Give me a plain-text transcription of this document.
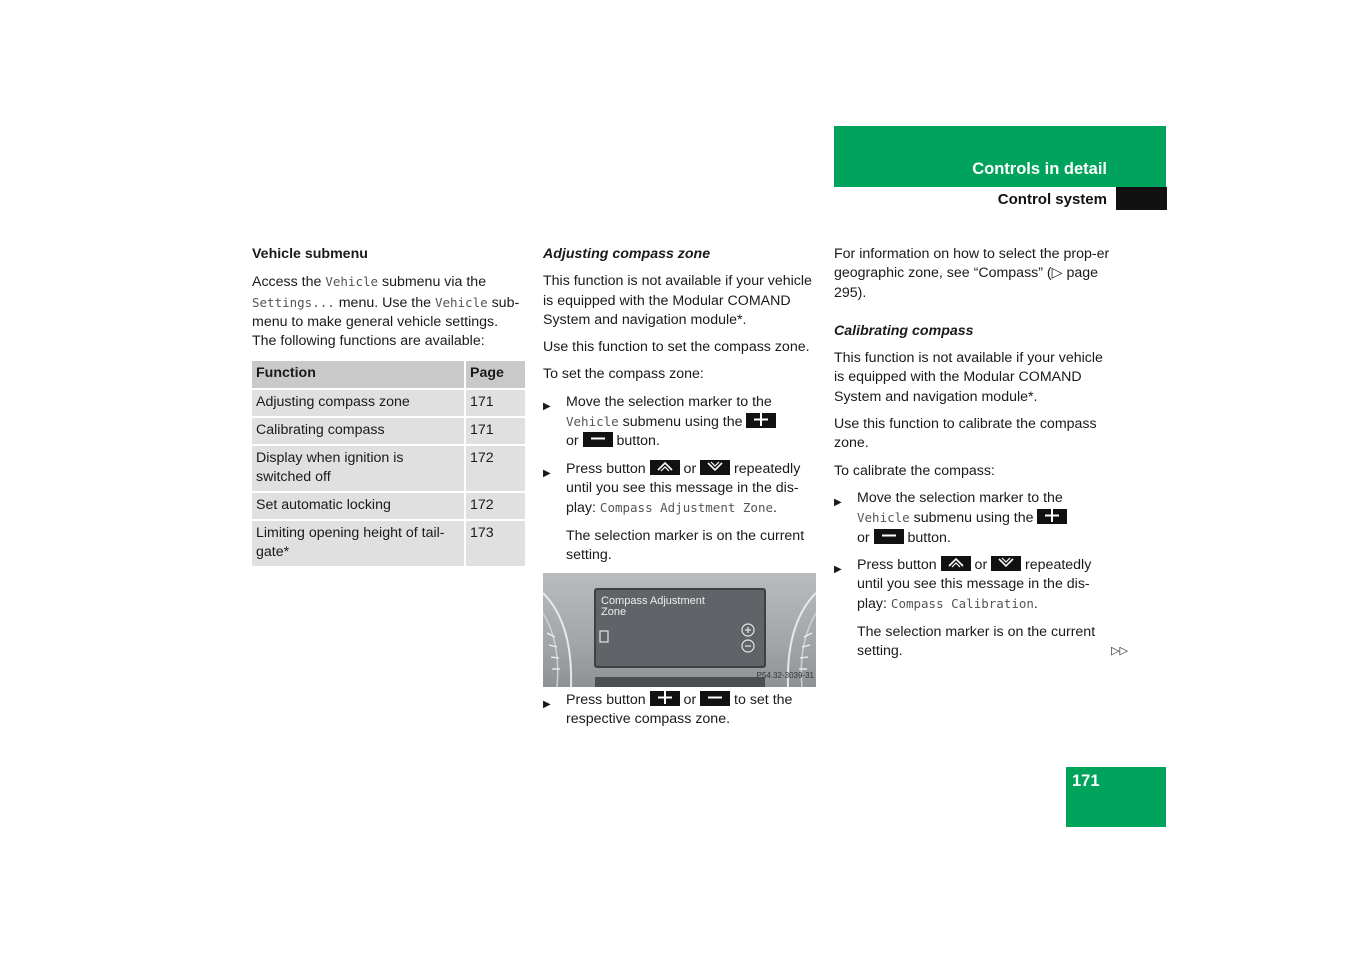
Controls in detail
Control system
171
Vehicle submenu

Access the Vehicle submenu via the Settings... menu. Use the Vehicle sub-menu to make general vehicle settings. The following functions are available:

Function	Page
Adjusting compass zone	171
Calibrating compass	171
Display when ignition is switched off	172
Set automatic locking	172
Limiting opening height of tail-gate*	173
Adjusting compass zone

This function is not available if your vehicle is equipped with the Modular COMAND System and navigation module*.

Use this function to set the compass zone.

To set the compass zone:

▶ Move the selection marker to the Vehicle submenu using the

or
button.
▶ Press button
or
repeatedly until you see this message in the dis-play: Compass Adjustment Zone.

The selection marker is on the current setting.

Compass Adjustment Zone
P54.32-3039-31
▶ Press button
or
to set the respective compass zone.

For information on how to select the prop-er geographic zone, see “Compass” (▷ page 295).

Calibrating compass

This function is not available if your vehicle is equipped with the Modular COMAND System and navigation module*.

Use this function to calibrate the compass zone.

To calibrate the compass:

▶ Move the selection marker to the Vehicle submenu using the

or
button.
▶ Press button
or
repeatedly until you see this message in the dis-play: Compass Calibration.

The selection marker is on the current setting.	▷▷
